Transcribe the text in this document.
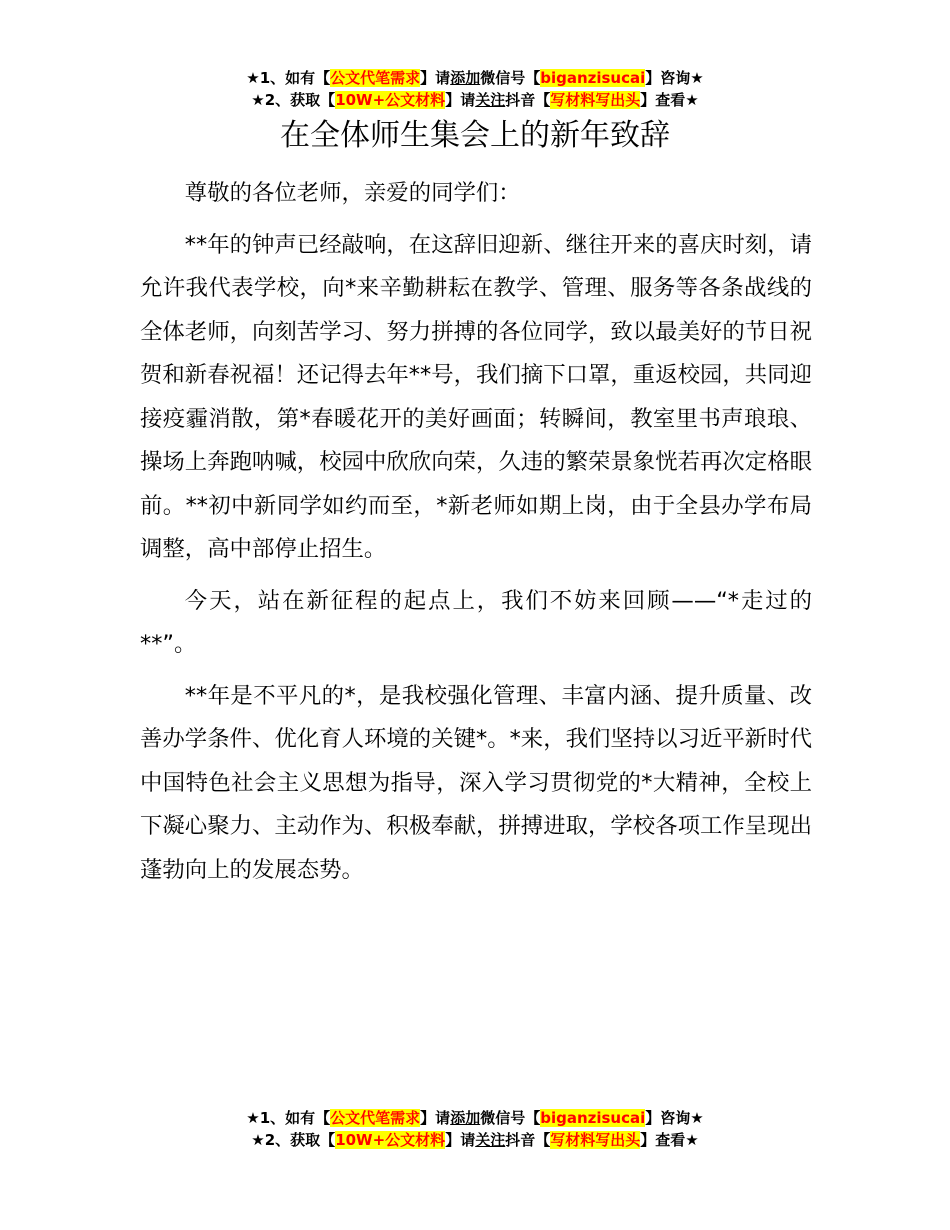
★1、如有【公文代笔需求】请添加微信号【biganzisucai】咨询★
★2、获取【10W+公文材料】请关注抖音【写材料写出头】查看★
在全体师生集会上的新年致辞

尊敬的各位老师，亲爱的同学们：

**年的钟声已经敲响，在这辞旧迎新、继往开来的喜庆时刻，请允许我代表学校，向*来辛勤耕耘在教学、管理、服务等各条战线的全体老师，向刻苦学习、努力拼搏的各位同学，致以最美好的节日祝贺和新春祝福！还记得去年**号，我们摘下口罩，重返校园，共同迎接疫霾消散，第*春暖花开的美好画面；转瞬间，教室里书声琅琅、操场上奔跑呐喊，校园中欣欣向荣，久违的繁荣景象恍若再次定格眼前。**初中新同学如约而至，*新老师如期上岗，由于全县办学布局调整，高中部停止招生。

今天，站在新征程的起点上，我们不妨来回顾——“*走过的**”。

**年是不平凡的*，是我校强化管理、丰富内涵、提升质量、改善办学条件、优化育人环境的关键*。*来，我们坚持以习近平新时代中国特色社会主义思想为指导，深入学习贯彻党的*大精神，全校上下凝心聚力、主动作为、积极奉献，拼搏进取，学校各项工作呈现出蓬勃向上的发展态势。

★1、如有【公文代笔需求】请添加微信号【biganzisucai】咨询★
★2、获取【10W+公文材料】请关注抖音【写材料写出头】查看★
